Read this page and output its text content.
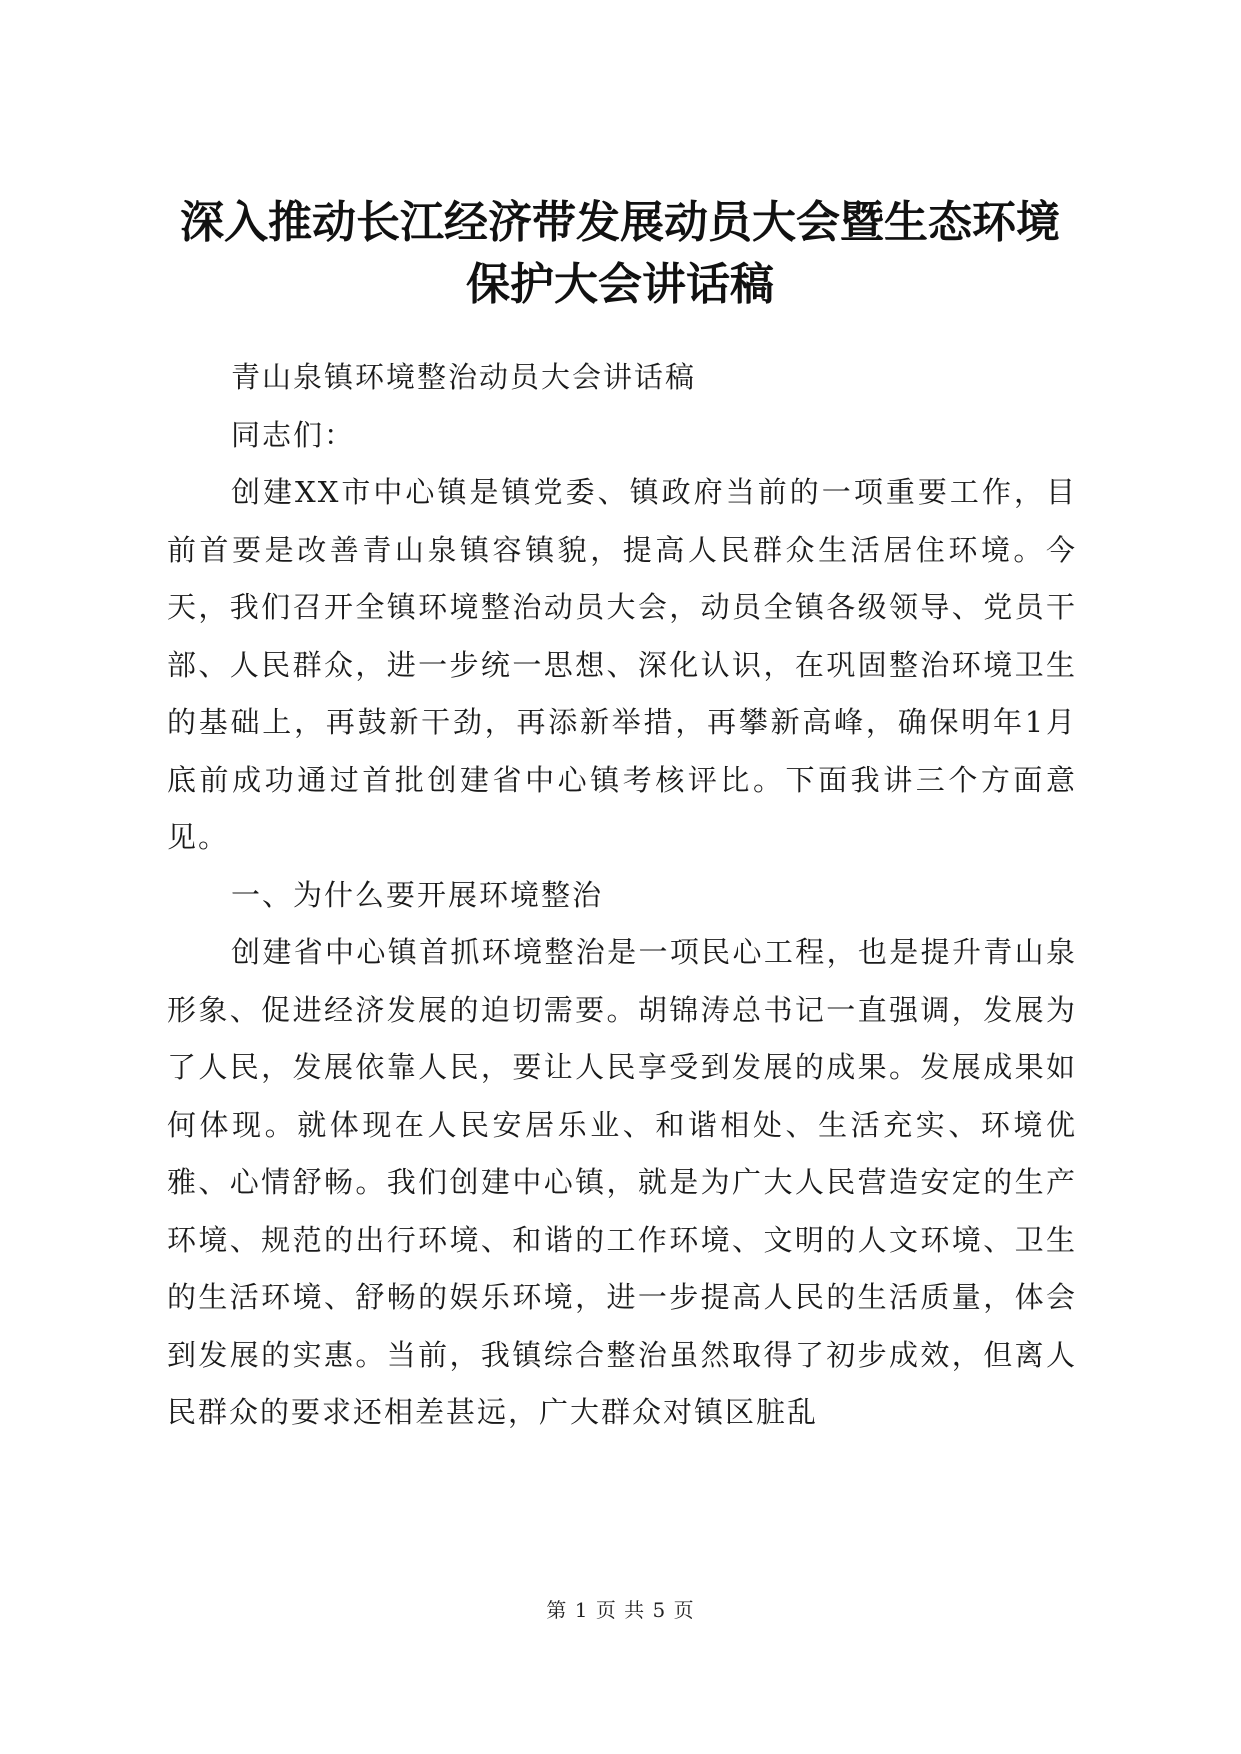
深入推动长江经济带发展动员大会暨生态环境
保护大会讲话稿

青山泉镇环境整治动员大会讲话稿

同志们：

创建XX市中心镇是镇党委、镇政府当前的一项重要工作，目前首要是改善青山泉镇容镇貌，提高人民群众生活居住环境。今天，我们召开全镇环境整治动员大会，动员全镇各级领导、党员干部、人民群众，进一步统一思想、深化认识，在巩固整治环境卫生的基础上，再鼓新干劲，再添新举措，再攀新高峰，确保明年1月底前成功通过首批创建省中心镇考核评比。下面我讲三个方面意见。

一、为什么要开展环境整治

创建省中心镇首抓环境整治是一项民心工程，也是提升青山泉形象、促进经济发展的迫切需要。胡锦涛总书记一直强调，发展为了人民，发展依靠人民，要让人民享受到发展的成果。发展成果如何体现。就体现在人民安居乐业、和谐相处、生活充实、环境优雅、心情舒畅。我们创建中心镇，就是为广大人民营造安定的生产环境、规范的出行环境、和谐的工作环境、文明的人文环境、卫生的生活环境、舒畅的娱乐环境，进一步提高人民的生活质量，体会到发展的实惠。当前，我镇综合整治虽然取得了初步成效，但离人民群众的要求还相差甚远，广大群众对镇区脏乱

第 1 页 共 5 页
